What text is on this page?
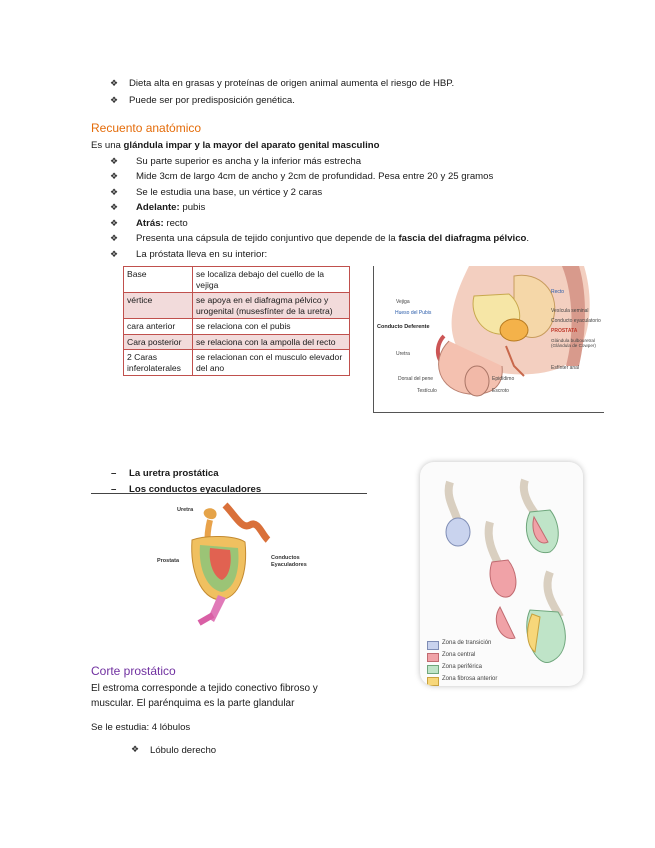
❖ Dieta alta en grasas y proteínas de origen animal aumenta el riesgo de HBP.
❖ Puede ser por predisposición genética.
Recuento anatómico
Es una glándula impar y la mayor del aparato genital masculino
❖ Su parte superior es ancha y la inferior más estrecha
❖ Mide 3cm de largo 4cm de ancho y 2cm de profundidad. Pesa entre 20 y 25 gramos
❖ Se le estudia una base, un vértice y 2 caras
❖ Adelante: pubis
❖ Atrás: recto
❖ Presenta una cápsula de tejido conjuntivo que depende de la fascia del diafragma pélvico.
❖ La próstata lleva en su interior:
Base	se localiza debajo del cuello de la vejiga
vértice	se apoya en el diafragma pélvico y urogenital (musesfínter de la uretra)
cara anterior	se relaciona con el pubis
Cara posterior	se relaciona con la ampolla del recto
2 Caras inferolaterales	se relacionan con el musculo elevador del ano
Vejiga
Hueso del Pubis
Conducto Deferente
Uretra
Dorsal del pene
Testículo
Recto
Vesícula seminal
Conducto eyaculatorio
PROSTATA
Glándula bulbouretral (Glándula de Cowper)
Esfínter anal
Epidídimo
Escroto
– La uretra prostática
– Los conductos eyaculadores
Uretra
Prostata	Conductos Eyaculadores
Zona de transición
Zona central
Zona periférica
Zona fibrosa anterior
Corte prostático
El estroma corresponde a tejido conectivo fibroso y
muscular. El parénquima es la parte glandular
Se le estudia: 4 lóbulos
❖ Lóbulo derecho
